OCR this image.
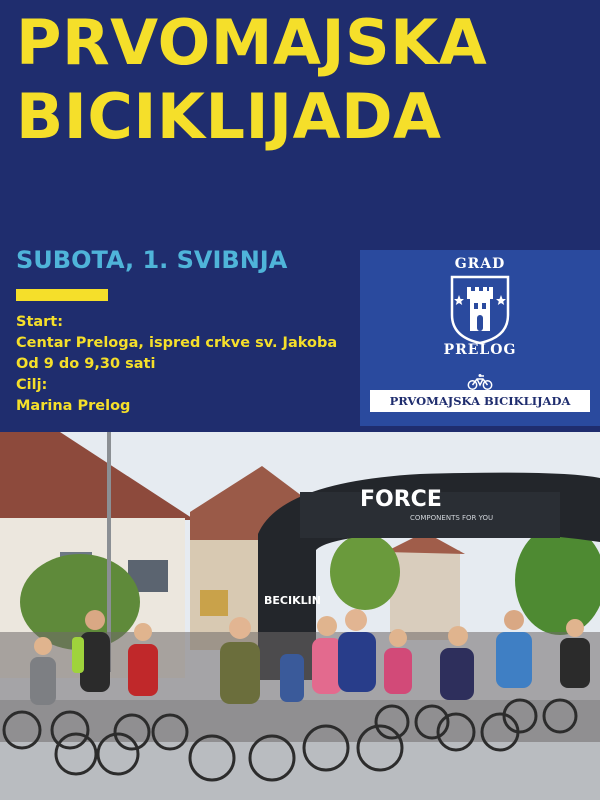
PRVOMAJSKA
BICIKLIJADA
SUBOTA, 1. SVIBNJA
Start:
Centar Preloga, ispred crkve sv. Jakoba
Od 9 do 9,30 sati
Cilj:
Marina Prelog
GRAD
PRELOG
PRVOMAJSKA BICIKLIJADA
FORCE
COMPONENTS FOR YOU
BECIKLIN
